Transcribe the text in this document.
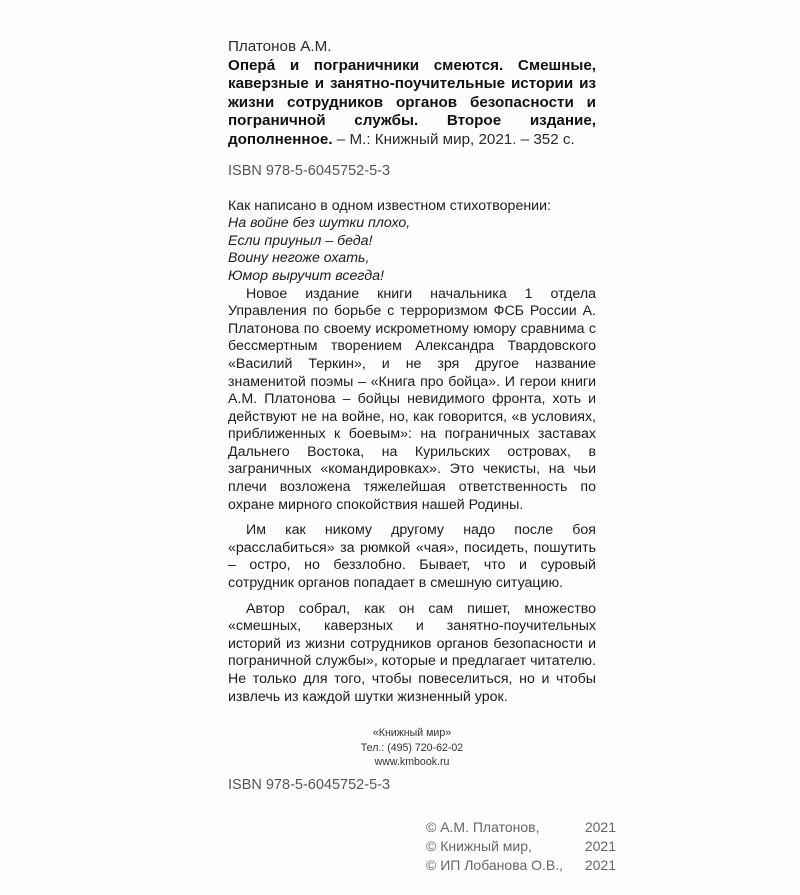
Платонов А.М.
Опера́ и пограничники смеются. Смешные, каверзные и занятно-поучительные истории из жизни сотрудников органов безопасности и пограничной службы. Второе издание, дополненное. – М.: Книжный мир, 2021. – 352 с.
ISBN 978-5-6045752-5-3

Как написано в одном известном стихотворении:

На войне без шутки плохо,
Если приуныл – беда!
Воину негоже охать,
Юмор выручит всегда!

Новое издание книги начальника 1 отдела Управления по борьбе с терроризмом ФСБ России А. Платонова по своему искрометному юмору сравнима с бессмертным творением Александра Твардовского «Василий Теркин», и не зря другое название знаменитой поэмы – «Книга про бойца». И герои книги А.М. Платонова – бойцы невидимого фронта, хоть и действуют не на войне, но, как говорится, «в условиях, приближенных к боевым»: на пограничных заставах Дальнего Востока, на Курильских островах, в заграничных «командировках». Это чекисты, на чьи плечи возложена тяжелейшая ответственность по охране мирного спокойствия нашей Родины.

Им как никому другому надо после боя «расслабиться» за рюмкой «чая», посидеть, пошутить – остро, но беззлобно. Бывает, что и суровый сотрудник органов попадает в смешную ситуацию.

Автор собрал, как он сам пишет, множество «смешных, каверзных и занятно-поучительных историй из жизни сотрудников органов безопасности и пограничной службы», которые и предлагает читателю. Не только для того, чтобы повеселиться, но и чтобы извлечь из каждой шутки жизненный урок.

«Книжный мир»
Тел.: (495) 720-62-02
www.kmbook.ru
ISBN 978-5-6045752-5-3
© А.М. Платонов,	2021
© Книжный мир,	2021
© ИП Лобанова О.В., 2021
